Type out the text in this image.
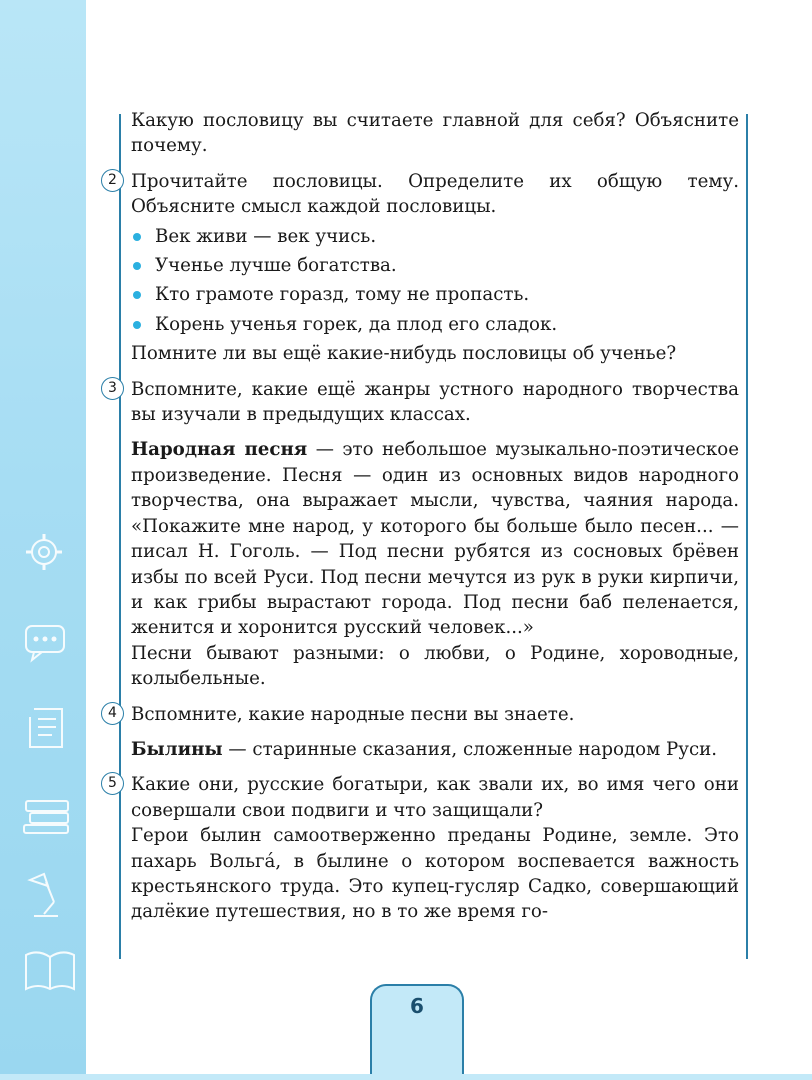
Какую пословицу вы считаете главной для себя? Объясните почему.

2 Прочитайте пословицы. Определите их общую тему. Объясните смысл каждой пословицы.

Век живи — век учись.
Ученье лучше богатства.
Кто грамоте горазд, тому не пропасть.
Корень ученья горек, да плод его сладок.

Помните ли вы ещё какие-нибудь пословицы об ученье?

3 Вспомните, какие ещё жанры устного народного творчества вы изучали в предыдущих классах.

Народная песня — это небольшое музыкально-поэтическое произведение. Песня — один из основных видов народного творчества, она выражает мысли, чувства, чаяния народа. «Покажите мне народ, у которого бы больше было песен... — писал Н. Гоголь. — Под песни рубятся из сосновых брёвен избы по всей Руси. Под песни мечутся из рук в руки кирпичи, и как грибы вырастают города. Под песни баб пеленается, женится и хоронится русский человек...»

Песни бывают разными: о любви, о Родине, хороводные, колыбельные.

4 Вспомните, какие народные песни вы знаете.

Былины — старинные сказания, сложенные народом Руси.

5 Какие они, русские богатыри, как звали их, во имя чего они совершали свои подвиги и что защищали?

Герои былин самоотверженно преданы Родине, земле. Это пахарь Вольгá, в былине о котором воспевается важность крестьянского труда. Это купец-гусляр Садко, совершающий далёкие путешествия, но в то же время го-

6
